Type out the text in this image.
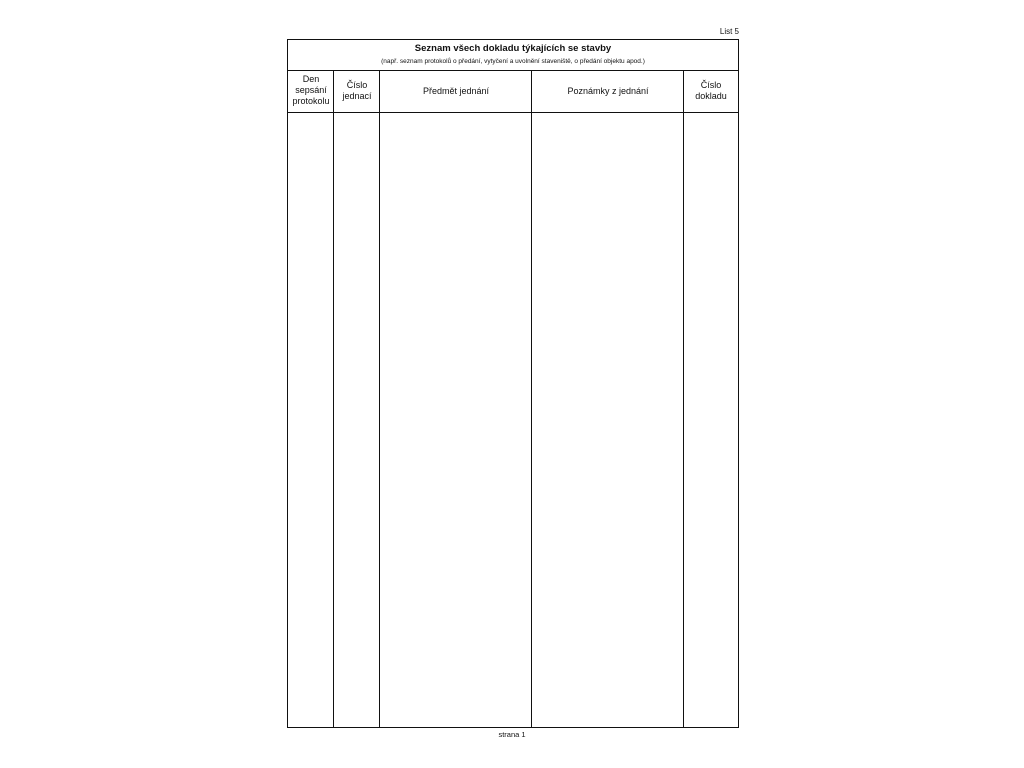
List 5
Seznam všech dokladu týkajících se stavby
(např. seznam protokolů o předání, vytyčení a uvolnění staveniště, o předání objektu apod.)
Den
sepsání
protokolu
Číslo
jednací	Předmět jednání	Poznámky z jednání
Číslo
dokladu
strana 1
